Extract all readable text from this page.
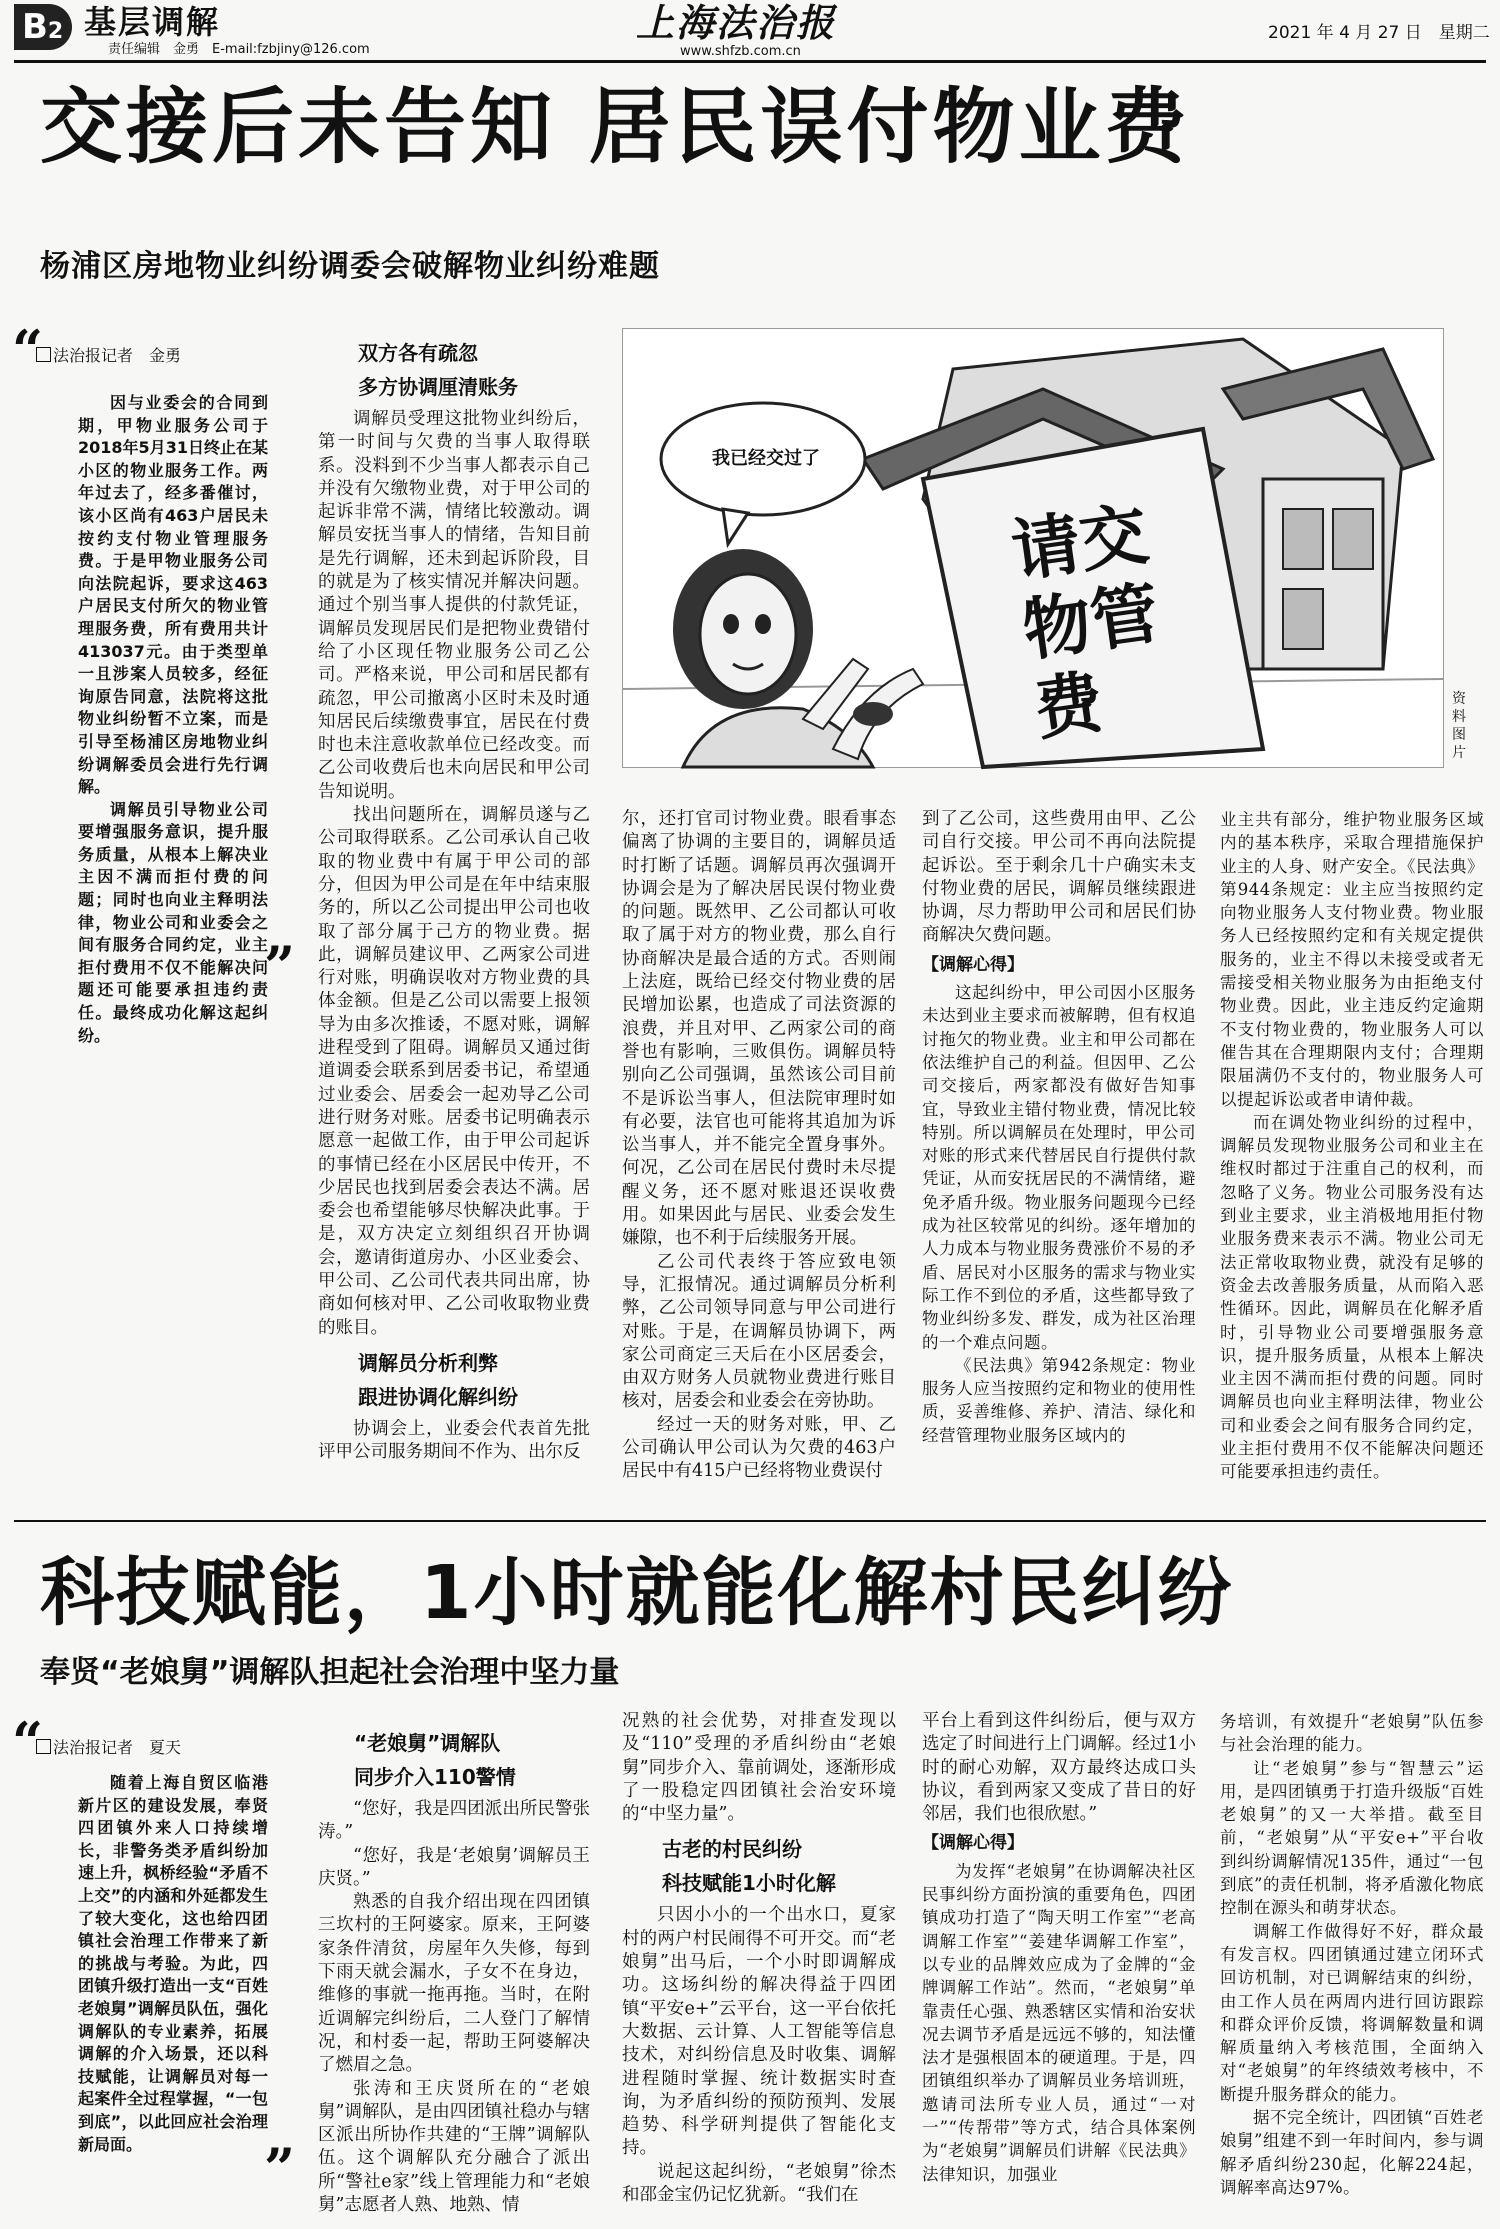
B2 基层调解
责任编辑　金勇　 E-mail:fzbjiny@126.com
上海法治报
www.shfzb.com.cn
2021 年 4 月 27 日　星期二
交接后未告知 居民误付物业费
杨浦区房地物业纠纷调委会破解物业纠纷难题
“ 法治报记者　金勇

因与业委会的合同到期，甲物业服务公司于2018年5月31日终止在某小区的物业服务工作。两年过去了，经多番催讨，该小区尚有463户居民未按约支付物业管理服务费。于是甲物业服务公司向法院起诉，要求这463户居民支付所欠的物业管理服务费，所有费用共计413037元。由于类型单一且涉案人员较多，经征询原告同意，法院将这批物业纠纷暂不立案，而是引导至杨浦区房地物业纠纷调解委员会进行先行调解。

调解员引导物业公司要增强服务意识，提升服务质量，从根本上解决业主因不满而拒付费的问题；同时也向业主释明法律，物业公司和业委会之间有服务合同约定，业主拒付费用不仅不能解决问题还可能要承担违约责任。最终成功化解这起纠纷。

”
双方各有疏忽
多方协调厘清账务

调解员受理这批物业纠纷后，第一时间与欠费的当事人取得联系。没料到不少当事人都表示自己并没有欠缴物业费，对于甲公司的起诉非常不满，情绪比较激动。调解员安抚当事人的情绪，告知目前是先行调解，还未到起诉阶段，目的就是为了核实情况并解决问题。通过个别当事人提供的付款凭证，调解员发现居民们是把物业费错付给了小区现任物业服务公司乙公司。严格来说，甲公司和居民都有疏忽，甲公司撤离小区时未及时通知居民后续缴费事宜，居民在付费时也未注意收款单位已经改变。而乙公司收费后也未向居民和甲公司告知说明。

找出问题所在，调解员遂与乙公司取得联系。乙公司承认自己收取的物业费中有属于甲公司的部分，但因为甲公司是在年中结束服务的，所以乙公司提出甲公司也收取了部分属于己方的物业费。据此，调解员建议甲、乙两家公司进行对账，明确误收对方物业费的具体金额。但是乙公司以需要上报领导为由多次推诿，不愿对账，调解进程受到了阻碍。调解员又通过街道调委会联系到居委书记，希望通过业委会、居委会一起劝导乙公司进行财务对账。居委书记明确表示愿意一起做工作，由于甲公司起诉的事情已经在小区居民中传开，不少居民也找到居委会表达不满。居委会也希望能够尽快解决此事。于是，双方决定立刻组织召开协调会，邀请街道房办、小区业委会、甲公司、乙公司代表共同出席，协商如何核对甲、乙公司收取物业费的账目。

调解员分析利弊
跟进协调化解纠纷

协调会上，业委会代表首先批评甲公司服务期间不作为、出尔反

我已经交过了
请交物管费	资料图片

尔，还打官司讨物业费。眼看事态偏离了协调的主要目的，调解员适时打断了话题。调解员再次强调开协调会是为了解决居民误付物业费的问题。既然甲、乙公司都认可收取了属于对方的物业费，那么自行协商解决是最合适的方式。否则闹上法庭，既给已经交付物业费的居民增加讼累，也造成了司法资源的浪费，并且对甲、乙两家公司的商誉也有影响，三败俱伤。调解员特别向乙公司强调，虽然该公司目前不是诉讼当事人，但法院审理时如有必要，法官也可能将其追加为诉讼当事人，并不能完全置身事外。何况，乙公司在居民付费时未尽提醒义务，还不愿对账退还误收费用。如果因此与居民、业委会发生嫌隙，也不利于后续服务开展。

乙公司代表终于答应致电领导，汇报情况。通过调解员分析利弊，乙公司领导同意与甲公司进行对账。于是，在调解员协调下，两家公司商定三天后在小区居委会，由双方财务人员就物业费进行账目核对，居委会和业委会在旁协助。

经过一天的财务对账，甲、乙公司确认甲公司认为欠费的463户居民中有415户已经将物业费误付

到了乙公司，这些费用由甲、乙公司自行交接。甲公司不再向法院提起诉讼。至于剩余几十户确实未支付物业费的居民，调解员继续跟进协调，尽力帮助甲公司和居民们协商解决欠费问题。

【调解心得】

这起纠纷中，甲公司因小区服务未达到业主要求而被解聘，但有权追讨拖欠的物业费。业主和甲公司都在依法维护自己的利益。但因甲、乙公司交接后，两家都没有做好告知事宜，导致业主错付物业费，情况比较特别。所以调解员在处理时，甲公司对账的形式来代替居民自行提供付款凭证，从而安抚居民的不满情绪，避免矛盾升级。物业服务问题现今已经成为社区较常见的纠纷。逐年增加的人力成本与物业服务费涨价不易的矛盾、居民对小区服务的需求与物业实际工作不到位的矛盾，这些都导致了物业纠纷多发、群发，成为社区治理的一个难点问题。

《民法典》第942条规定：物业服务人应当按照约定和物业的使用性质，妥善维修、养护、清洁、绿化和经营管理物业服务区域内的

业主共有部分，维护物业服务区域内的基本秩序，采取合理措施保护业主的人身、财产安全。《民法典》第944条规定：业主应当按照约定向物业服务人支付物业费。物业服务人已经按照约定和有关规定提供服务的，业主不得以未接受或者无需接受相关物业服务为由拒绝支付物业费。因此，业主违反约定逾期不支付物业费的，物业服务人可以催告其在合理期限内支付；合理期限届满仍不支付的，物业服务人可以提起诉讼或者申请仲裁。

而在调处物业纠纷的过程中，调解员发现物业服务公司和业主在维权时都过于注重自己的权利，而忽略了义务。物业公司服务没有达到业主要求，业主消极地用拒付物业服务费来表示不满。物业公司无法正常收取物业费，就没有足够的资金去改善服务质量，从而陷入恶性循环。因此，调解员在化解矛盾时，引导物业公司要增强服务意识，提升服务质量，从根本上解决业主因不满而拒付费的问题。同时调解员也向业主释明法律，物业公司和业委会之间有服务合同约定，业主拒付费用不仅不能解决问题还可能要承担违约责任。

科技赋能，1小时就能化解村民纠纷
奉贤“老娘舅”调解队担起社会治理中坚力量
“ 法治报记者　夏天

随着上海自贸区临港新片区的建设发展，奉贤四团镇外来人口持续增长，非警务类矛盾纠纷加速上升，枫桥经验“矛盾不上交”的内涵和外延都发生了较大变化，这也给四团镇社会治理工作带来了新的挑战与考验。为此，四团镇升级打造出一支“百姓老娘舅”调解员队伍，强化调解队的专业素养，拓展调解的介入场景，还以科技赋能，让调解员对每一起案件全过程掌握，“一包到底”，以此回应社会治理新局面。	”
“老娘舅”调解队
同步介入110警情

“您好，我是四团派出所民警张涛。”

“您好，我是‘老娘舅’调解员王庆贤。”

熟悉的自我介绍出现在四团镇三坎村的王阿婆家。原来，王阿婆家条件清贫，房屋年久失修，每到下雨天就会漏水，子女不在身边，维修的事就一拖再拖。当时，在附近调解完纠纷后，二人登门了解情况，和村委一起，帮助王阿婆解决了燃眉之急。

张涛和王庆贤所在的“老娘舅”调解队，是由四团镇社稳办与辖区派出所协作共建的“王牌”调解队伍。这个调解队充分融合了派出所“警社e家”线上管理能力和“老娘舅”志愿者人熟、地熟、情

况熟的社会优势，对排查发现以及“110”受理的矛盾纠纷由“老娘舅”同步介入、靠前调处，逐渐形成了一股稳定四团镇社会治安环境的“中坚力量”。

古老的村民纠纷
科技赋能1小时化解

只因小小的一个出水口，夏家村的两户村民闹得不可开交。而“老娘舅”出马后，一个小时即调解成功。这场纠纷的解决得益于四团镇“平安e+”云平台，这一平台依托大数据、云计算、人工智能等信息技术，对纠纷信息及时收集、调解进程随时掌握、统计数据实时查询，为矛盾纠纷的预防预判、发展趋势、科学研判提供了智能化支持。

说起这起纠纷，“老娘舅”徐杰和邵金宝仍记忆犹新。“我们在

平台上看到这件纠纷后，便与双方选定了时间进行上门调解。经过1小时的耐心劝解，双方最终达成口头协议，看到两家又变成了昔日的好邻居，我们也很欣慰。”

【调解心得】

为发挥“老娘舅”在协调解决社区民事纠纷方面扮演的重要角色，四团镇成功打造了“陶天明工作室”“老高调解工作室”“姜建华调解工作室”，以专业的品牌效应成为了金牌的“金牌调解工作站”。然而，“老娘舅”单靠责任心强、熟悉辖区实情和治安状况去调节矛盾是远远不够的，知法懂法才是强根固本的硬道理。于是，四团镇组织举办了调解员业务培训班，邀请司法所专业人员，通过“一对一”“传帮带”等方式，结合具体案例为“老娘舅”调解员们讲解《民法典》法律知识，加强业

务培训，有效提升“老娘舅”队伍参与社会治理的能力。

让“老娘舅”参与“智慧云”运用，是四团镇勇于打造升级版“百姓老娘舅”的又一大举措。截至目前，“老娘舅”从“平安e+”平台收到纠纷调解情况135件，通过“一包到底”的责任机制，将矛盾激化物底控制在源头和萌芽状态。

调解工作做得好不好，群众最有发言权。四团镇通过建立闭环式回访机制，对已调解结束的纠纷，由工作人员在两周内进行回访跟踪和群众评价反馈，将调解数量和调解质量纳入考核范围，全面纳入对“老娘舅”的年终绩效考核中，不断提升服务群众的能力。

据不完全统计，四团镇“百姓老娘舅”组建不到一年时间内，参与调解矛盾纠纷230起，化解224起，调解率高达97%。
